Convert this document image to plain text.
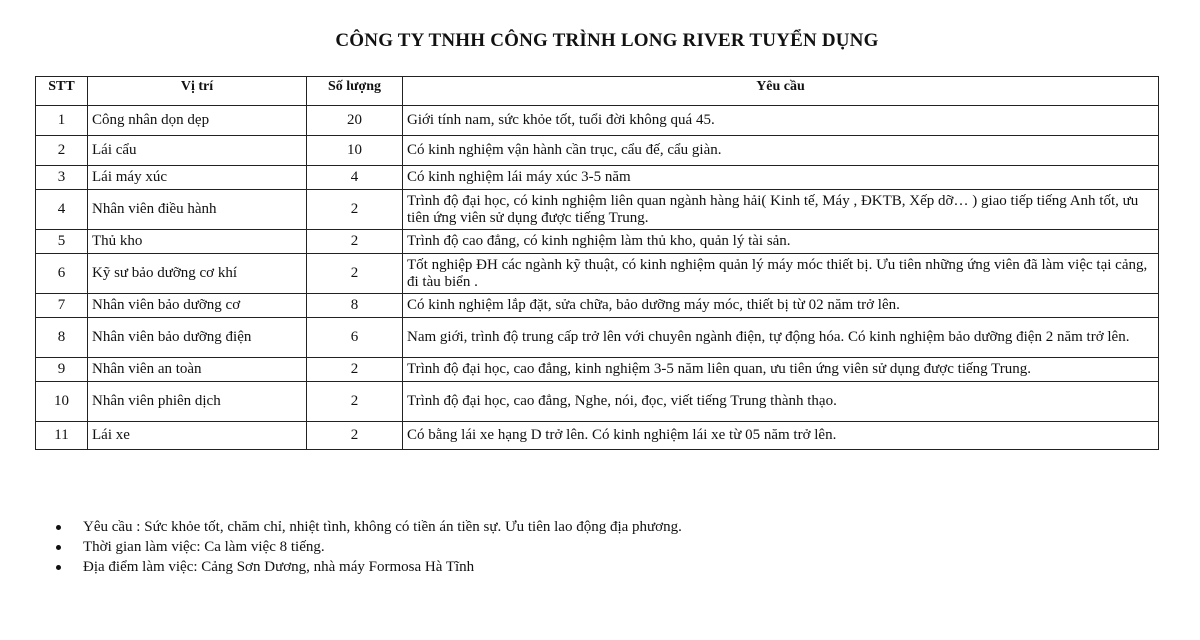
CÔNG TY TNHH CÔNG TRÌNH LONG RIVER TUYỂN DỤNG
STT	Vị trí	Số lượng	Yêu cầu
1	Công nhân dọn dẹp	20	Giới tính nam, sức khỏe tốt, tuổi đời không quá 45.
2	Lái cẩu	10	Có kinh nghiệm vận hành cần trục, cẩu đế, cẩu giàn.
3	Lái máy xúc	4	Có kinh nghiệm lái máy xúc 3-5 năm
4	Nhân viên điều hành	2	Trình độ đại học, có kinh nghiệm liên quan ngành hàng hải( Kinh tế, Máy , ĐKTB, Xếp dỡ… ) giao tiếp tiếng Anh tốt, ưu tiên ứng viên sử dụng được tiếng Trung.
5	Thủ kho	2	Trình độ cao đẳng, có kinh nghiệm làm thủ kho, quản lý tài sản.
6	Kỹ sư bảo dưỡng cơ khí	2	Tốt nghiệp ĐH các ngành kỹ thuật, có kinh nghiệm quản lý máy móc thiết bị. Ưu tiên những ứng viên đã làm việc tại cảng, đi tàu biển .
7	Nhân viên bảo dưỡng cơ	8	Có kinh nghiệm lắp đặt, sửa chữa, bảo dưỡng máy móc, thiết bị từ 02 năm trở lên.
8	Nhân viên bảo dưỡng điện	6	Nam giới, trình độ trung cấp trở lên với chuyên ngành điện, tự động hóa. Có kinh nghiệm bảo dưỡng điện 2 năm trở lên.
9	Nhân viên an toàn	2	Trình độ đại học, cao đẳng, kinh nghiệm 3-5 năm liên quan, ưu tiên ứng viên sử dụng được tiếng Trung.
10	Nhân viên phiên dịch	2	Trình độ đại học, cao đẳng, Nghe, nói, đọc, viết tiếng Trung thành thạo.
11	Lái xe	2	Có bằng lái xe hạng D trở lên. Có kinh nghiệm lái xe từ 05 năm trở lên.
Yêu cầu : Sức khỏe tốt, chăm chỉ, nhiệt tình, không có tiền án tiền sự. Ưu tiên lao động địa phương.
Thời gian làm việc: Ca làm việc 8 tiếng.
Địa điểm làm việc: Cảng Sơn Dương, nhà máy Formosa Hà Tĩnh
